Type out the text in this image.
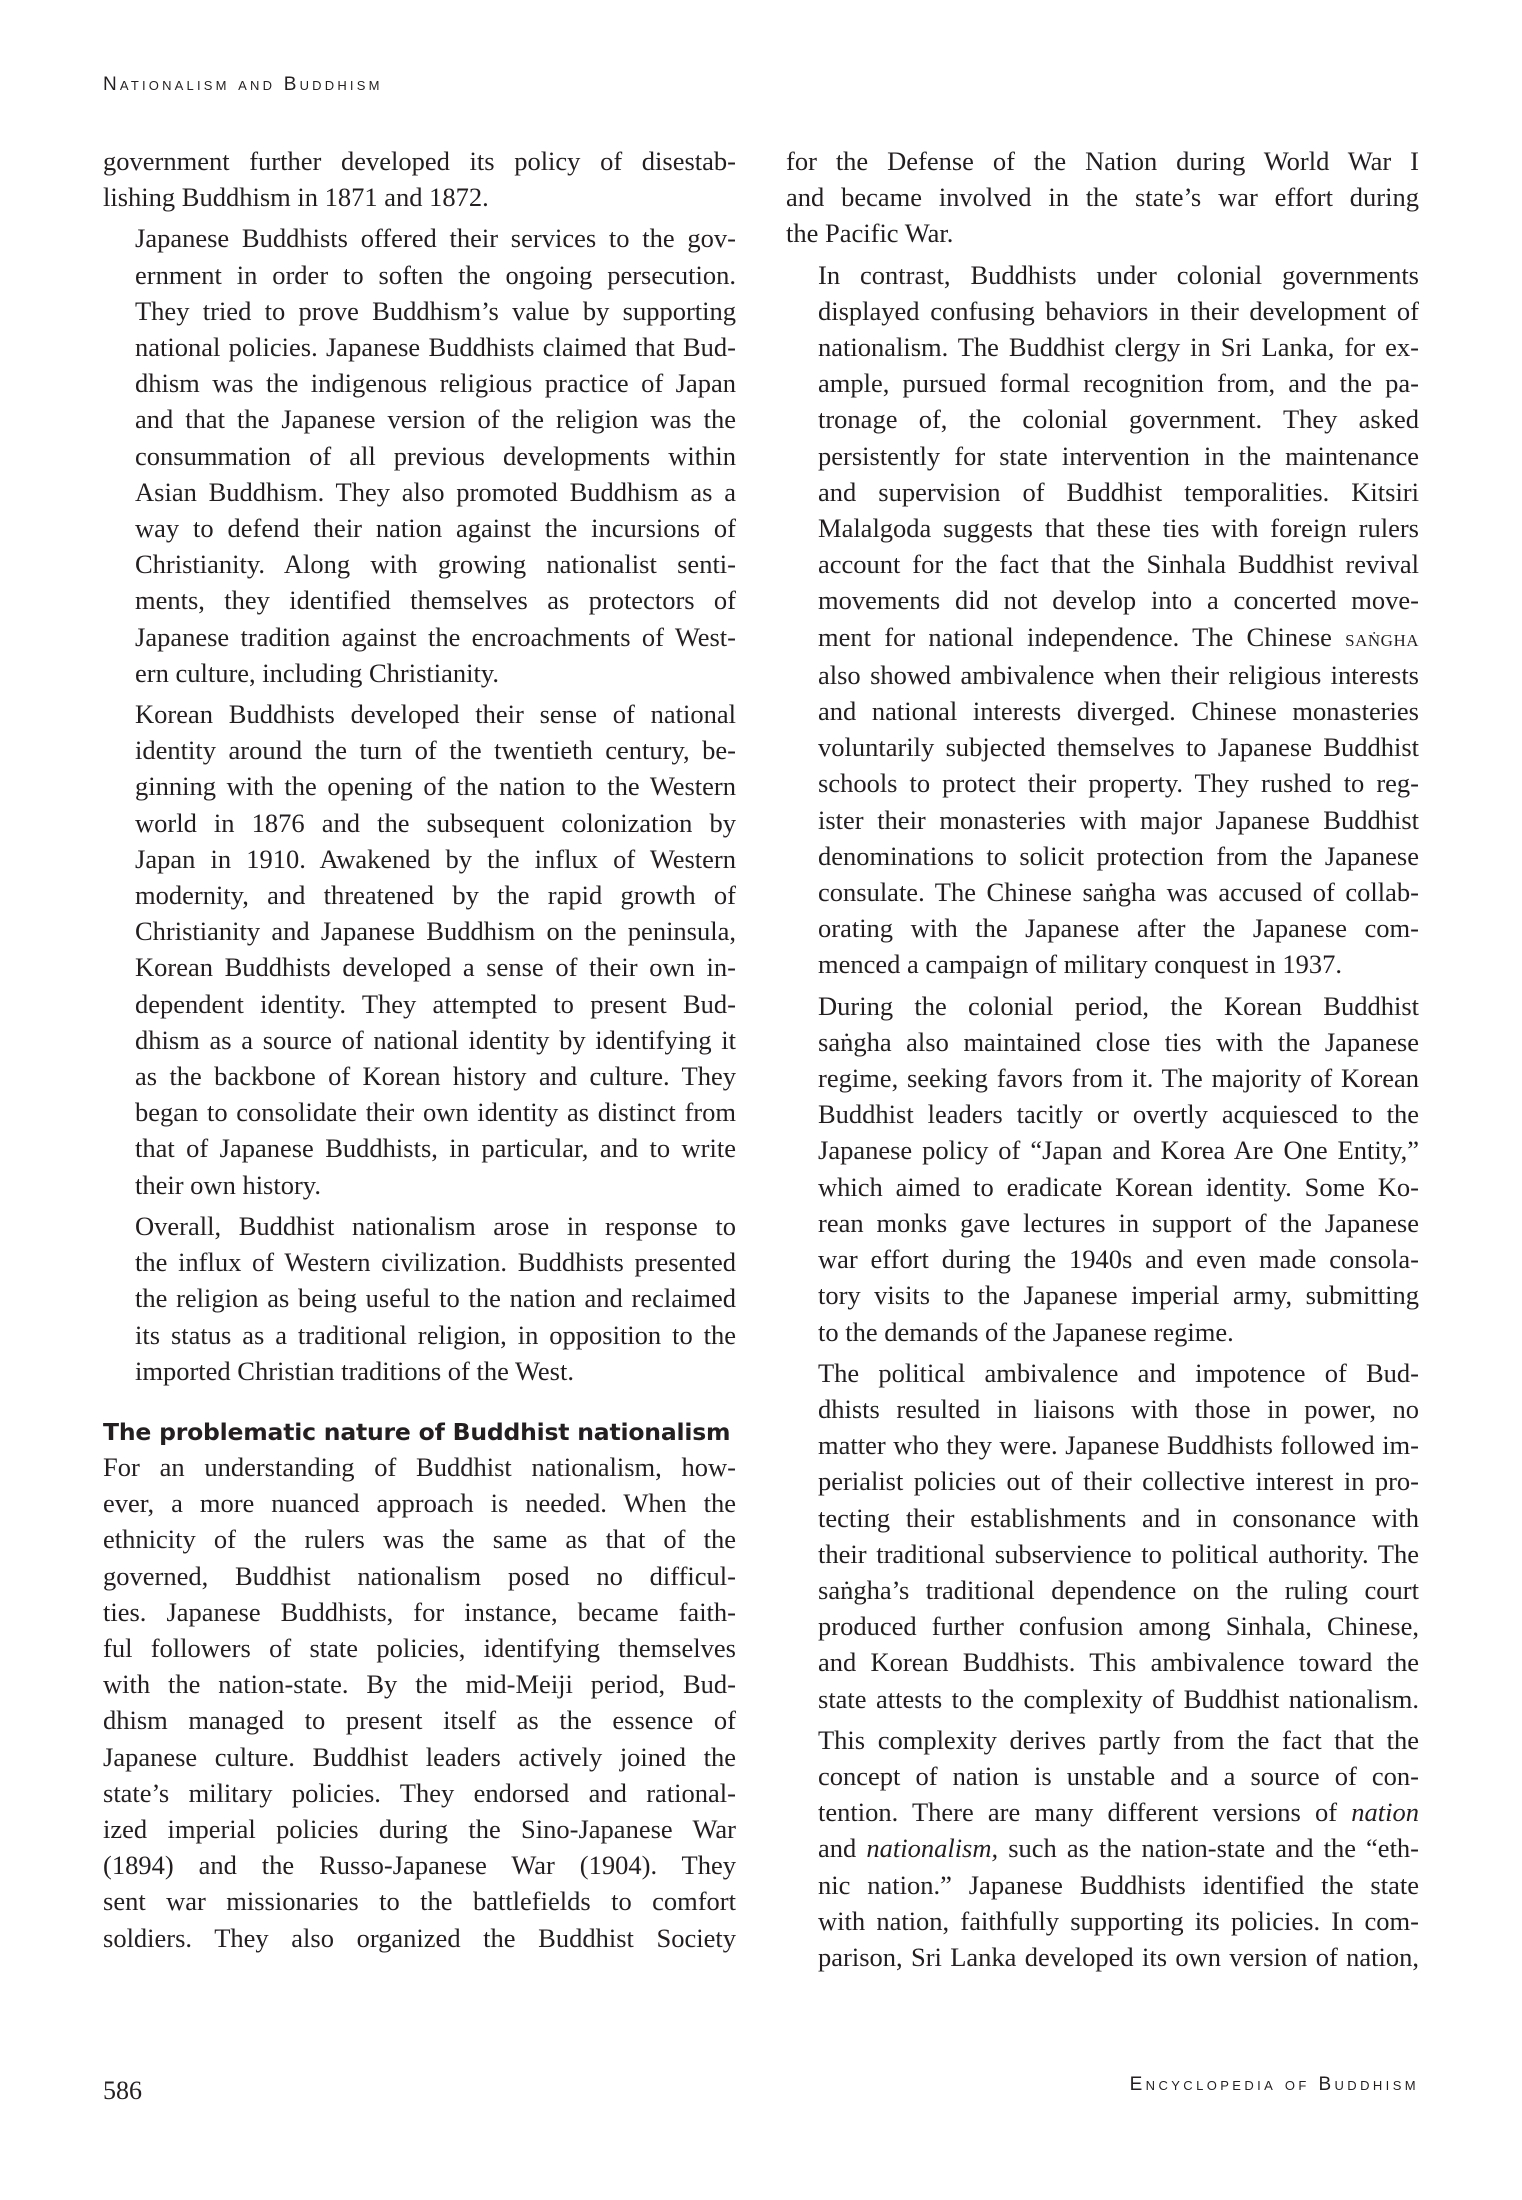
Nationalism and Buddhism

government further developed its policy of disestab-
lishing Buddhism in 1871 and 1872.

Japanese Buddhists offered their services to the gov-
ernment in order to soften the ongoing persecution.
They tried to prove Buddhism’s value by supporting
national policies. Japanese Buddhists claimed that Bud-
dhism was the indigenous religious practice of Japan
and that the Japanese version of the religion was the
consummation of all previous developments within
Asian Buddhism. They also promoted Buddhism as a
way to defend their nation against the incursions of
Christianity. Along with growing nationalist senti-
ments, they identified themselves as protectors of
Japanese tradition against the encroachments of West-
ern culture, including Christianity.

Korean Buddhists developed their sense of national
identity around the turn of the twentieth century, be-
ginning with the opening of the nation to the Western
world in 1876 and the subsequent colonization by
Japan in 1910. Awakened by the influx of Western
modernity, and threatened by the rapid growth of
Christianity and Japanese Buddhism on the peninsula,
Korean Buddhists developed a sense of their own in-
dependent identity. They attempted to present Bud-
dhism as a source of national identity by identifying it
as the backbone of Korean history and culture. They
began to consolidate their own identity as distinct from
that of Japanese Buddhists, in particular, and to write
their own history.

Overall, Buddhist nationalism arose in response to
the influx of Western civilization. Buddhists presented
the religion as being useful to the nation and reclaimed
its status as a traditional religion, in opposition to the
imported Christian traditions of the West.

The problematic nature of Buddhist nationalism

For an understanding of Buddhist nationalism, how-
ever, a more nuanced approach is needed. When the
ethnicity of the rulers was the same as that of the
governed, Buddhist nationalism posed no difficul-
ties. Japanese Buddhists, for instance, became faith-
ful followers of state policies, identifying themselves
with the nation-state. By the mid-Meiji period, Bud-
dhism managed to present itself as the essence of
Japanese culture. Buddhist leaders actively joined the
state’s military policies. They endorsed and rational-
ized imperial policies during the Sino-Japanese War
(1894) and the Russo-Japanese War (1904). They
sent war missionaries to the battlefields to comfort
soldiers. They also organized the Buddhist Society

for the Defense of the Nation during World War I
and became involved in the state’s war effort during
the Pacific War.

In contrast, Buddhists under colonial governments
displayed confusing behaviors in their development of
nationalism. The Buddhist clergy in Sri Lanka, for ex-
ample, pursued formal recognition from, and the pa-
tronage of, the colonial government. They asked
persistently for state intervention in the maintenance
and supervision of Buddhist temporalities. Kitsiri
Malalgoda suggests that these ties with foreign rulers
account for the fact that the Sinhala Buddhist revival
movements did not develop into a concerted move-
ment for national independence. The Chinese saṅgha
also showed ambivalence when their religious interests
and national interests diverged. Chinese monasteries
voluntarily subjected themselves to Japanese Buddhist
schools to protect their property. They rushed to reg-
ister their monasteries with major Japanese Buddhist
denominations to solicit protection from the Japanese
consulate. The Chinese saṅgha was accused of collab-
orating with the Japanese after the Japanese com-
menced a campaign of military conquest in 1937.

During the colonial period, the Korean Buddhist
saṅgha also maintained close ties with the Japanese
regime, seeking favors from it. The majority of Korean
Buddhist leaders tacitly or overtly acquiesced to the
Japanese policy of “Japan and Korea Are One Entity,”
which aimed to eradicate Korean identity. Some Ko-
rean monks gave lectures in support of the Japanese
war effort during the 1940s and even made consola-
tory visits to the Japanese imperial army, submitting
to the demands of the Japanese regime.

The political ambivalence and impotence of Bud-
dhists resulted in liaisons with those in power, no
matter who they were. Japanese Buddhists followed im-
perialist policies out of their collective interest in pro-
tecting their establishments and in consonance with
their traditional subservience to political authority. The
saṅgha’s traditional dependence on the ruling court
produced further confusion among Sinhala, Chinese,
and Korean Buddhists. This ambivalence toward the
state attests to the complexity of Buddhist nationalism.

This complexity derives partly from the fact that the
concept of nation is unstable and a source of con-
tention. There are many different versions of nation
and nationalism, such as the nation-state and the “eth-
nic nation.” Japanese Buddhists identified the state
with nation, faithfully supporting its policies. In com-
parison, Sri Lanka developed its own version of nation,

586	Encyclopedia of Buddhism
